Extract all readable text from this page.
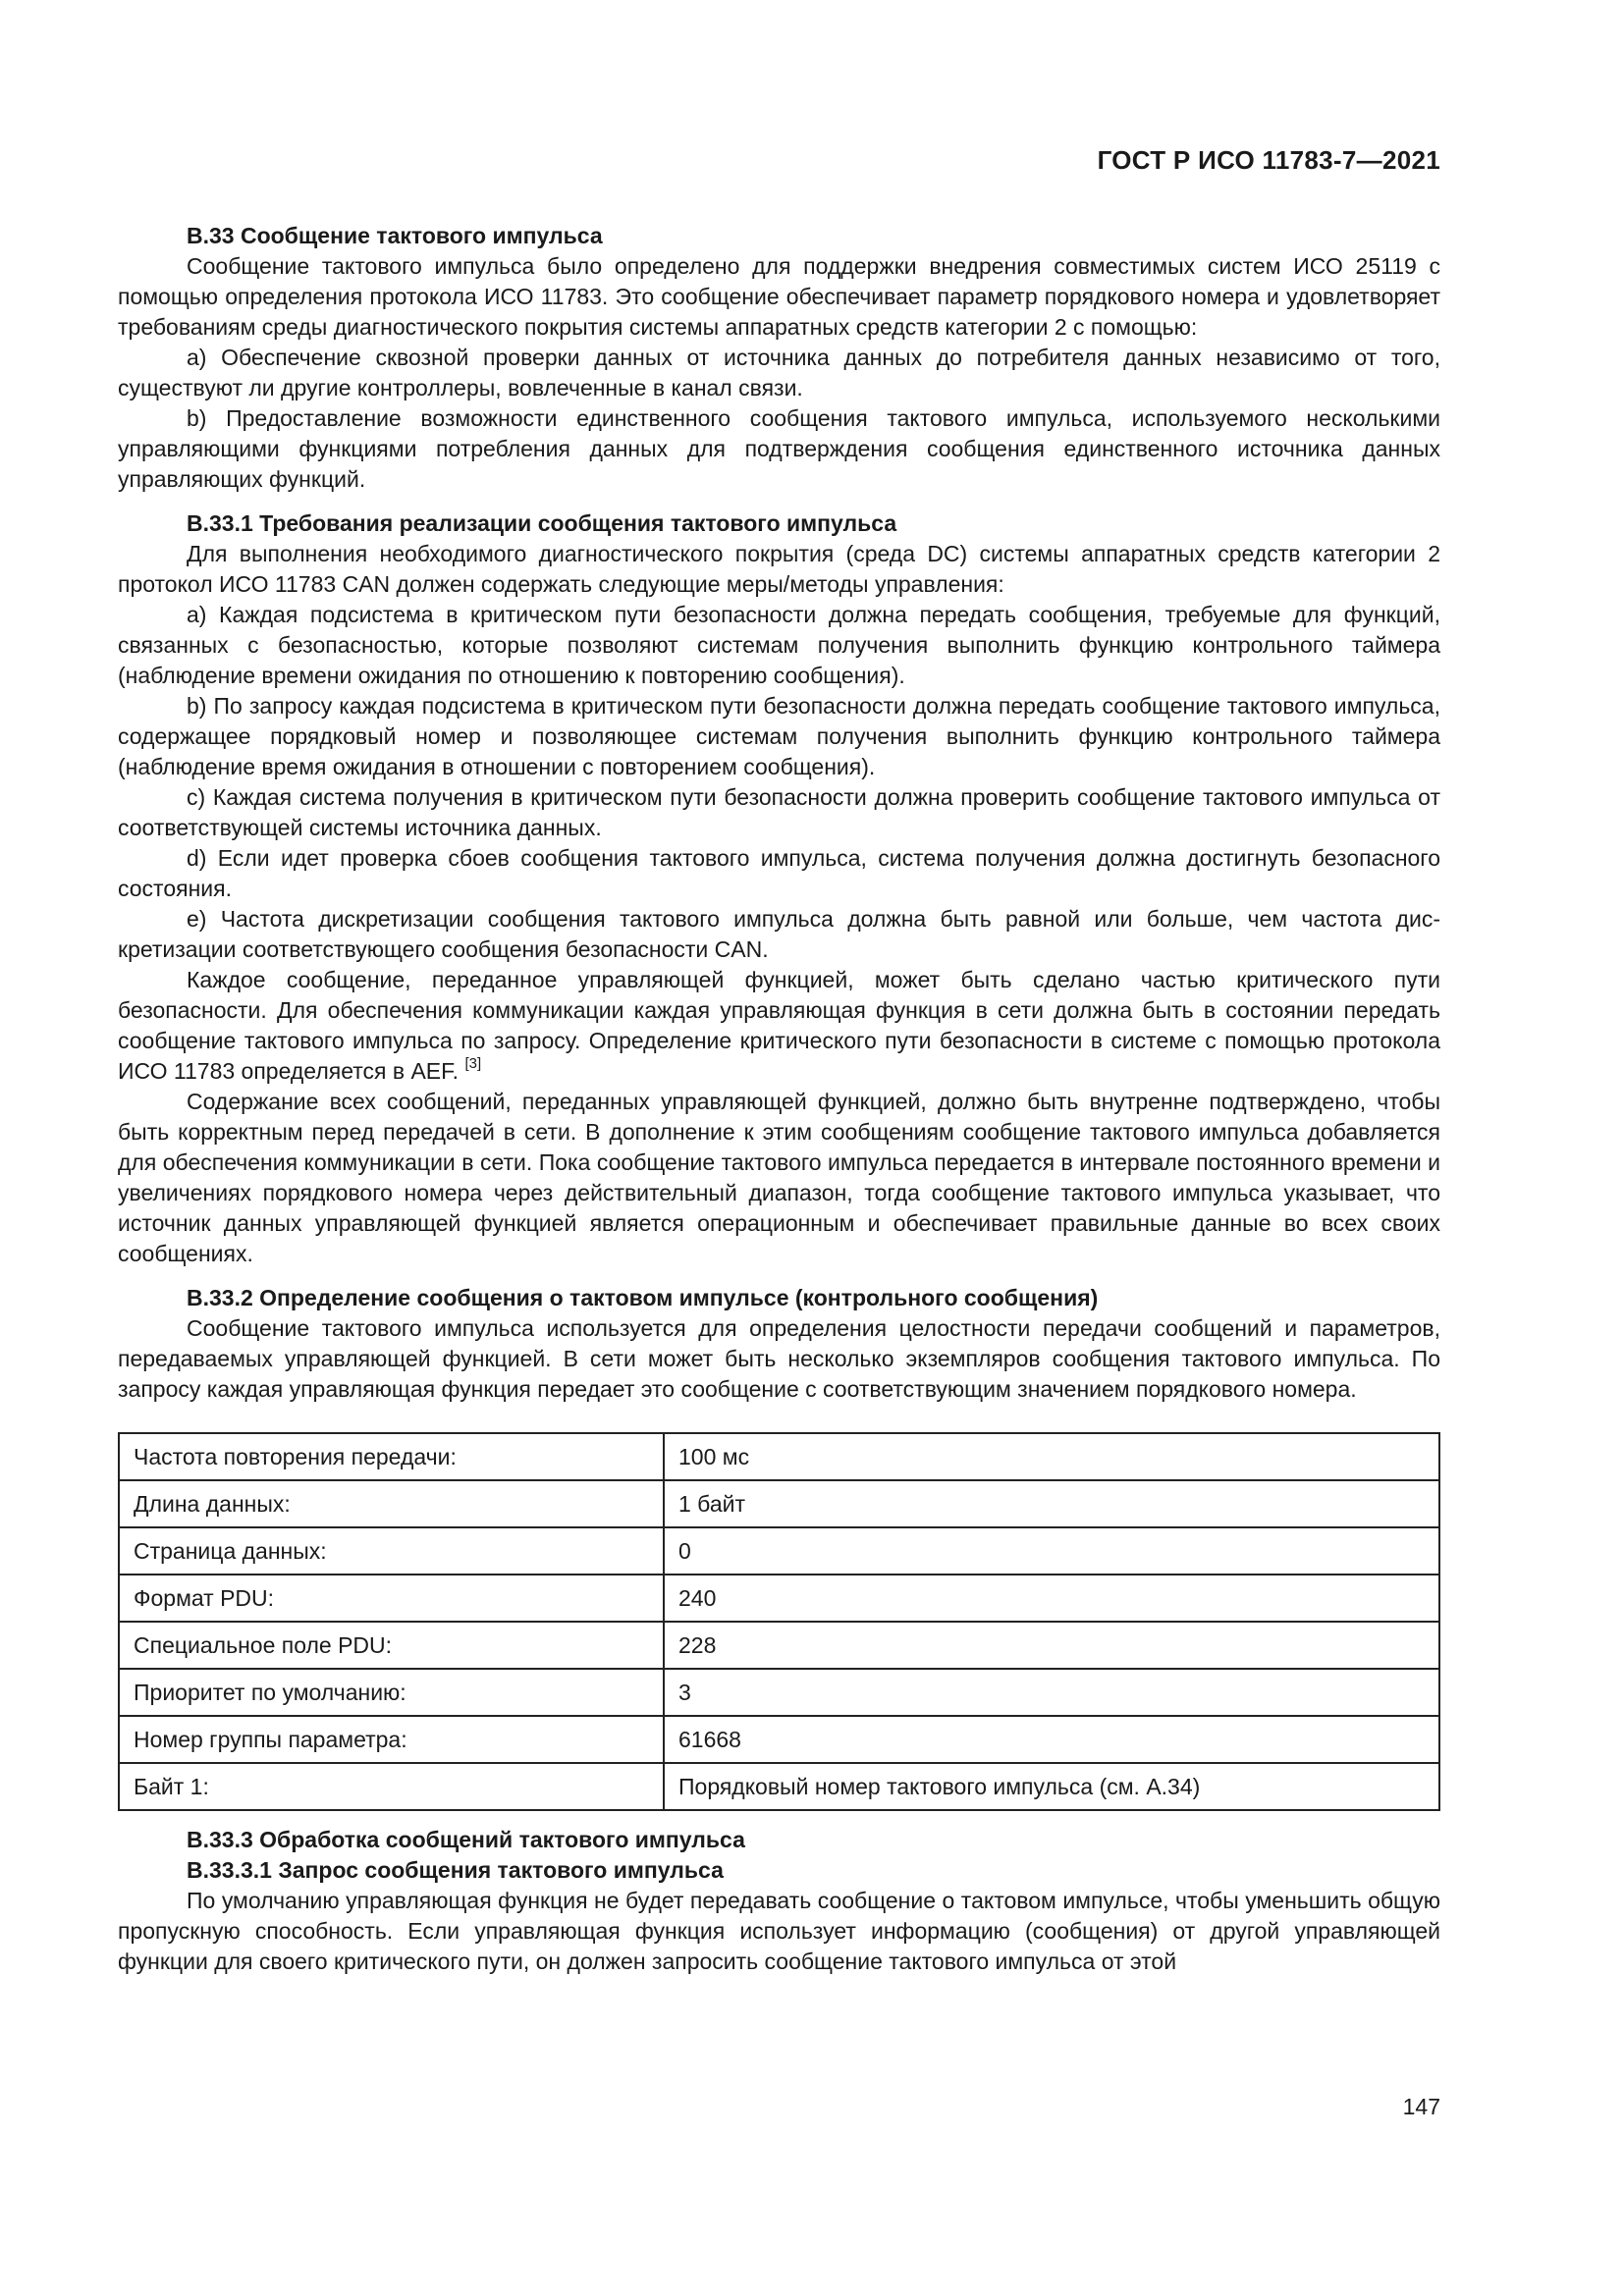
ГОСТ Р ИСО 11783-7—2021
В.33 Сообщение тактового импульса

Сообщение тактового импульса было определено для поддержки внедрения совместимых систем ИСО 25119 с помощью определения протокола ИСО 11783. Это сообщение обеспечивает параметр порядкового номера и удовлетворяет требованиям среды диагностического покрытия системы аппаратных средств категории 2 с помощью:

a) Обеспечение сквозной проверки данных от источника данных до потребителя данных независимо от того, существуют ли другие контроллеры, вовлеченные в канал связи.

b) Предоставление возможности единственного сообщения тактового импульса, используемого несколькими управляющими функциями потребления данных для подтверждения сообщения единственного источника данных управляющих функций.

В.33.1 Требования реализации сообщения тактового импульса

Для выполнения необходимого диагностического покрытия (среда DC) системы аппаратных средств категории 2 протокол ИСО 11783 CAN должен содержать следующие меры/методы управления:

a) Каждая подсистема в критическом пути безопасности должна передать сообщения, требуемые для функций, связанных с безопасностью, которые позволяют системам получения выполнить функцию контрольного таймера (наблюдение времени ожидания по отношению к повторению сообщения).

b) По запросу каждая подсистема в критическом пути безопасности должна передать сообщение тактового импульса, содержащее порядковый номер и позволяющее системам получения выполнить функцию контрольного таймера (наблюдение время ожидания в отношении с повторением сообщения).

c) Каждая система получения в критическом пути безопасности должна проверить сообщение тактового импульса от соответствующей системы источника данных.

d) Если идет проверка сбоев сообщения тактового импульса, система получения должна достигнуть безопасного состояния.

e) Частота дискретизации сообщения тактового импульса должна быть равной или больше, чем частота дискретизации соответствующего сообщения безопасности CAN.

Каждое сообщение, переданное управляющей функцией, может быть сделано частью критического пути безопасности. Для обеспечения коммуникации каждая управляющая функция в сети должна быть в состоянии передать сообщение тактового импульса по запросу. Определение критического пути безопасности в системе с помощью протокола ИСО 11783 определяется в AEF. [3]

Содержание всех сообщений, переданных управляющей функцией, должно быть внутренне подтверждено, чтобы быть корректным перед передачей в сети. В дополнение к этим сообщениям сообщение тактового импульса добавляется для обеспечения коммуникации в сети. Пока сообщение тактового импульса передается в интервале постоянного времени и увеличениях порядкового номера через действительный диапазон, тогда сообщение тактового импульса указывает, что источник данных управляющей функцией является операционным и обеспечивает правильные данные во всех своих сообщениях.

В.33.2 Определение сообщения о тактовом импульсе (контрольного сообщения)

Сообщение тактового импульса используется для определения целостности передачи сообщений и параметров, передаваемых управляющей функцией. В сети может быть несколько экземпляров сообщения тактового импульса. По запросу каждая управляющая функция передает это сообщение с соответствующим значением порядкового номера.

Частота повторения передачи:	100 мс
Длина данных:	1 байт
Страница данных:	0
Формат PDU:	240
Специальное поле PDU:	228
Приоритет по умолчанию:	3
Номер группы параметра:	61668
Байт 1:	Порядковый номер тактового импульса (см. А.34)
В.33.3 Обработка сообщений тактового импульса
В.33.3.1 Запрос сообщения тактового импульса

По умолчанию управляющая функция не будет передавать сообщение о тактовом импульсе, чтобы уменьшить общую пропускную способность. Если управляющая функция использует информацию (сообщения) от другой управляющей функции для своего критического пути, он должен запросить сообщение тактового импульса от этой

147
